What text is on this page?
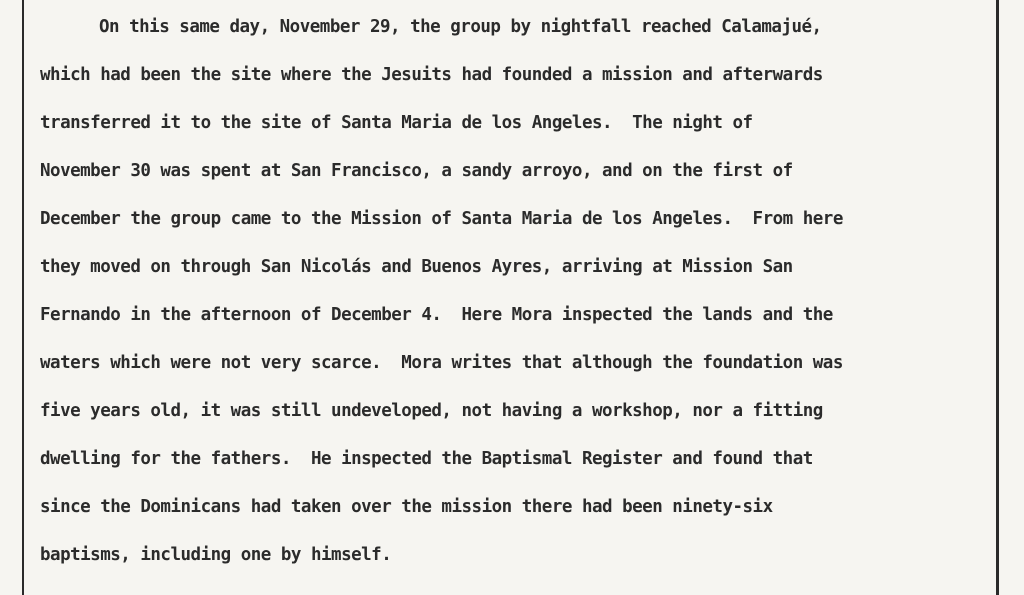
On this same day, November 29, the group by nightfall reached Calamajué,
which had been the site where the Jesuits had founded a mission and afterwards
transferred it to the site of Santa Maria de los Angeles.  The night of
November 30 was spent at San Francisco, a sandy arroyo, and on the first of
December the group came to the Mission of Santa Maria de los Angeles.  From here
they moved on through San Nicolás and Buenos Ayres, arriving at Mission San
Fernando in the afternoon of December 4.  Here Mora inspected the lands and the
waters which were not very scarce.  Mora writes that although the foundation was
five years old, it was still undeveloped, not having a workshop, nor a fitting
dwelling for the fathers.  He inspected the Baptismal Register and found that
since the Dominicans had taken over the mission there had been ninety-six
baptisms, including one by himself.
